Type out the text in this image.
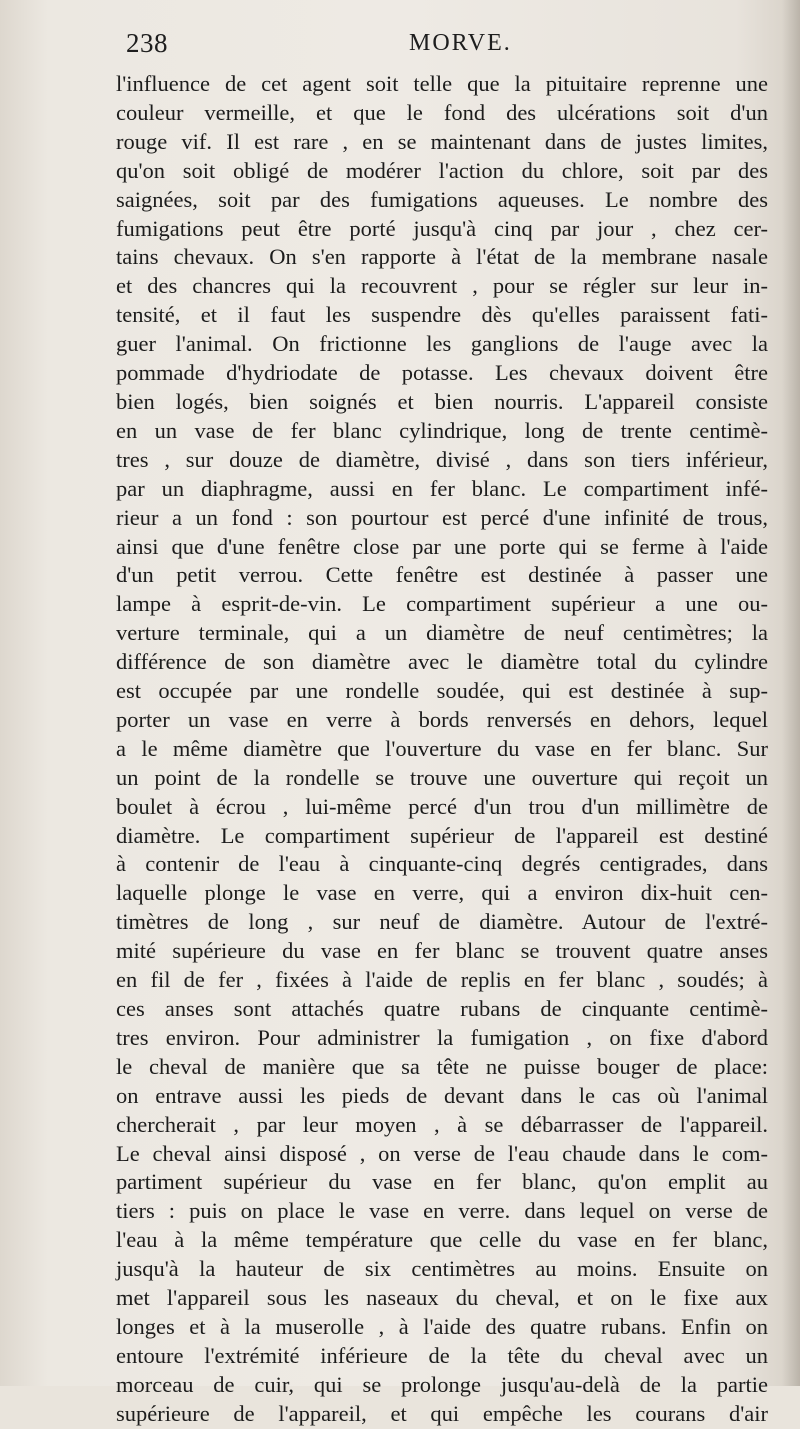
238	MORVE.
l'influence de cet agent soit telle que la pituitaire reprenne une
couleur vermeille, et que le fond des ulcérations soit d'un
rouge vif. Il est rare , en se maintenant dans de justes limites,
qu'on soit obligé de modérer l'action du chlore, soit par des
saignées, soit par des fumigations aqueuses. Le nombre des
fumigations peut être porté jusqu'à cinq par jour , chez cer-
tains chevaux. On s'en rapporte à l'état de la membrane nasale
et des chancres qui la recouvrent , pour se régler sur leur in-
tensité, et il faut les suspendre dès qu'elles paraissent fati-
guer l'animal. On frictionne les ganglions de l'auge avec la
pommade d'hydriodate de potasse. Les chevaux doivent être
bien logés, bien soignés et bien nourris. L'appareil consiste
en un vase de fer blanc cylindrique, long de trente centimè-
tres , sur douze de diamètre, divisé , dans son tiers inférieur,
par un diaphragme, aussi en fer blanc. Le compartiment infé-
rieur a un fond : son pourtour est percé d'une infinité de trous,
ainsi que d'une fenêtre close par une porte qui se ferme à l'aide
d'un petit verrou. Cette fenêtre est destinée à passer une
lampe à esprit-de-vin. Le compartiment supérieur a une ou-
verture terminale, qui a un diamètre de neuf centimètres; la
différence de son diamètre avec le diamètre total du cylindre
est occupée par une rondelle soudée, qui est destinée à sup-
porter un vase en verre à bords renversés en dehors, lequel
a le même diamètre que l'ouverture du vase en fer blanc. Sur
un point de la rondelle se trouve une ouverture qui reçoit un
boulet à écrou , lui-même percé d'un trou d'un millimètre de
diamètre. Le compartiment supérieur de l'appareil est destiné
à contenir de l'eau à cinquante-cinq degrés centigrades, dans
laquelle plonge le vase en verre, qui a environ dix-huit cen-
timètres de long , sur neuf de diamètre. Autour de l'extré-
mité supérieure du vase en fer blanc se trouvent quatre anses
en fil de fer , fixées à l'aide de replis en fer blanc , soudés; à
ces anses sont attachés quatre rubans de cinquante centimè-
tres environ. Pour administrer la fumigation , on fixe d'abord
le cheval de manière que sa tête ne puisse bouger de place:
on entrave aussi les pieds de devant dans le cas où l'animal
chercherait , par leur moyen , à se débarrasser de l'appareil.
Le cheval ainsi disposé , on verse de l'eau chaude dans le com-
partiment supérieur du vase en fer blanc, qu'on emplit au
tiers : puis on place le vase en verre. dans lequel on verse de
l'eau à la même température que celle du vase en fer blanc,
jusqu'à la hauteur de six centimètres au moins. Ensuite on
met l'appareil sous les naseaux du cheval, et on le fixe aux
longes et à la muserolle , à l'aide des quatre rubans. Enfin on
entoure l'extrémité inférieure de la tête du cheval avec un
morceau de cuir, qui se prolonge jusqu'au-delà de la partie
supérieure de l'appareil, et qui empêche les courans d'air
